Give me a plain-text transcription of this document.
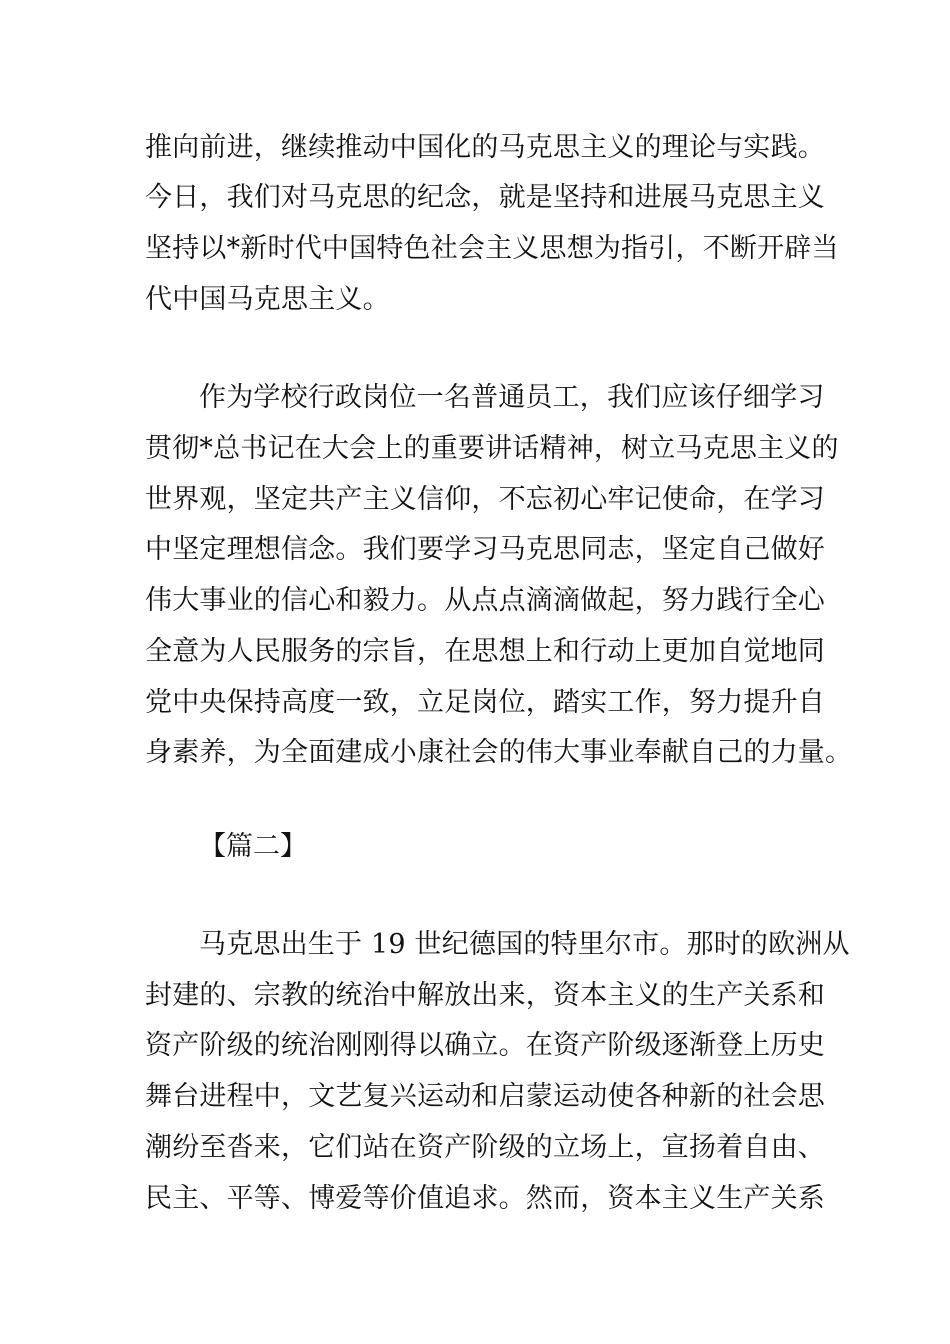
推向前进，继续推动中国化的马克思主义的理论与实践。
今日，我们对马克思的纪念，就是坚持和进展马克思主义
坚持以*新时代中国特色社会主义思想为指引，不断开辟当
代中国马克思主义。
作为学校行政岗位一名普通员工，我们应该仔细学习
贯彻*总书记在大会上的重要讲话精神，树立马克思主义的
世界观，坚定共产主义信仰，不忘初心牢记使命，在学习
中坚定理想信念。我们要学习马克思同志，坚定自己做好
伟大事业的信心和毅力。从点点滴滴做起，努力践行全心
全意为人民服务的宗旨，在思想上和行动上更加自觉地同
党中央保持高度一致，立足岗位，踏实工作，努力提升自
身素养，为全面建成小康社会的伟大事业奉献自己的力量。
【篇二】
马克思出生于 19 世纪德国的特里尔市。那时的欧洲从
封建的、宗教的统治中解放出来，资本主义的生产关系和
资产阶级的统治刚刚得以确立。在资产阶级逐渐登上历史
舞台进程中，文艺复兴运动和启蒙运动使各种新的社会思
潮纷至沓来，它们站在资产阶级的立场上，宣扬着自由、
民主、平等、博爱等价值追求。然而，资本主义生产关系
